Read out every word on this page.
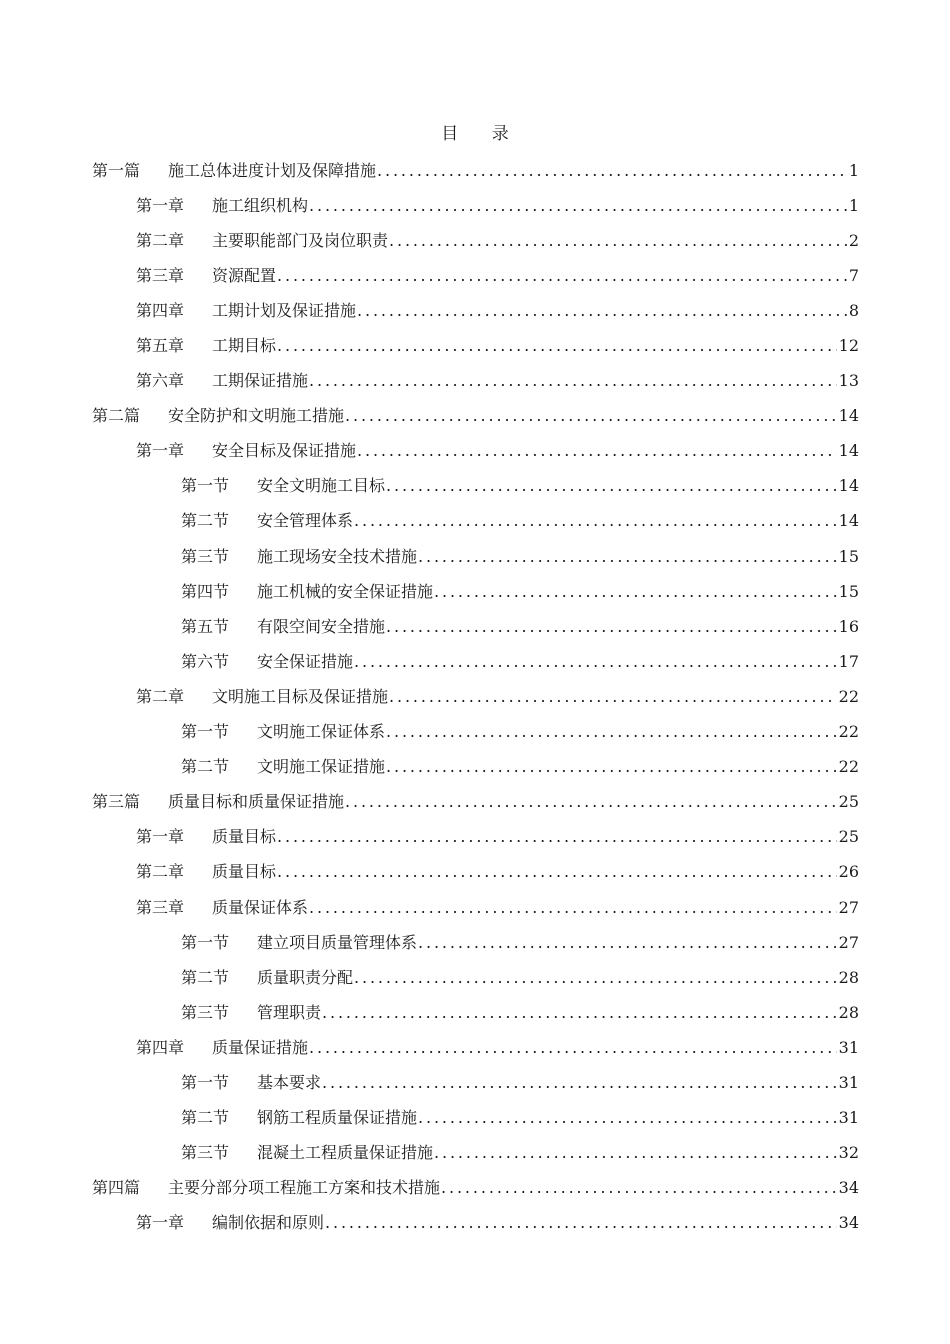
目 录
第一篇	施工总体进度计划及保障措施 . . .	1
第一章	施工组织机构 . . .	1
第二章	主要职能部门及岗位职责 . . .	2
第三章	资源配置 . . .	7
第四章	工期计划及保证措施 . . .	8
第五章	工期目标 . . .	12
第六章	工期保证措施 . . .	13
第二篇	安全防护和文明施工措施 . . .	14
第一章	安全目标及保证措施 . . .	14
第一节	安全文明施工目标 . . .	14
第二节	安全管理体系 . . .	14
第三节	施工现场安全技术措施 . . .	15
第四节	施工机械的安全保证措施 . . .	15
第五节	有限空间安全措施 . . .	16
第六节	安全保证措施 . . .	17
第二章	文明施工目标及保证措施 . . .	22
第一节	文明施工保证体系 . . .	22
第二节	文明施工保证措施 . . .	22
第三篇	质量目标和质量保证措施 . . .	25
第一章	质量目标 . . .	25
第二章	质量目标 . . .	26
第三章	质量保证体系 . . .	27
第一节	建立项目质量管理体系 . . .	27
第二节	质量职责分配 . . .	28
第三节	管理职责 . . .	28
第四章	质量保证措施 . . .	31
第一节	基本要求 . . .	31
第二节	钢筋工程质量保证措施 . . .	31
第三节	混凝土工程质量保证措施 . . .	32
第四篇	主要分部分项工程施工方案和技术措施 . . .	34
第一章	编制依据和原则 . . .	34
